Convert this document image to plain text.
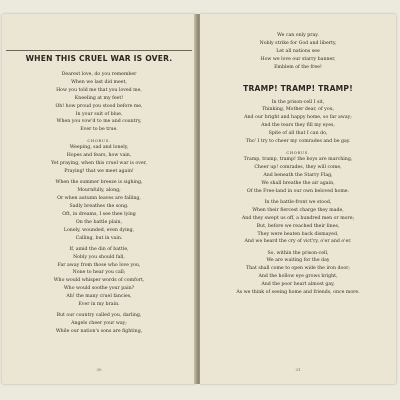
WHEN THIS CRUEL WAR IS OVER.
Dearest love, do you remember
When we last did meet,
How you told me that you loved me,
Kneeling at my feet!
Oh! how proud you stood before me,
In your suit of blue,
When you vow'd to me and country,
Ever to be true.
CHORUS.
Weeping, sad and lonely,
Hopes and fears, how vain,
Yet praying, when this cruel war is over,
Praying! that we meet again!
When the summer breeze is sighing,
Mournfully, along;
Or when autumn leaves are falling,
Sadly breathes the song.
Oft, in dreams, I see thee lying
On the battle plain,
Lonely, wounded, even dying,
Calling, but in vain.
If, amid the din of battle,
Nobly you should fall,
Far away from those who love you,
None to hear you call;
Who would whisper words of comfort,
Who would soothe your pain?
Ah! the many cruel fancies,
Ever in my brain.
But our country called you, darling,
Angels cheer your way;
While our nation's sons are fighting,
30
We can only pray.
Nobly strike for God and liberty,
Let all nations see
How we love our starry banner,
Emblem of the free!
TRAMP! TRAMP! TRAMP!
In the prison-cell I sit,
Thinking, Mother dear, of you,
And our bright and happy home, so far away;
And the tears they fill my eyes,
Spite of all that I can do,
Tho' I try to cheer my comrades and be gay.
CHORUS.
Tramp, tramp, tramp! the boys are marching,
Cheer up! comrades, they will come,
And beneath the Starry Flag,
We shall breathe the air again,
Of the Free-land in our own beloved home.
In the battle-front we stood,
When their fiercest charge they made,
And they swept us off, a hundred men or more;
But, before we reached their lines,
They were beaten back dismayed,
And we heard the cry of vict'ry, o'er and o'er.
So, within the prison-cell,
We are waiting for the day
That shall come to open wide the iron door;
And the hollow eye grows bright,
And the poor heart almost gay,
As we think of seeing home and friends, once more.
31
